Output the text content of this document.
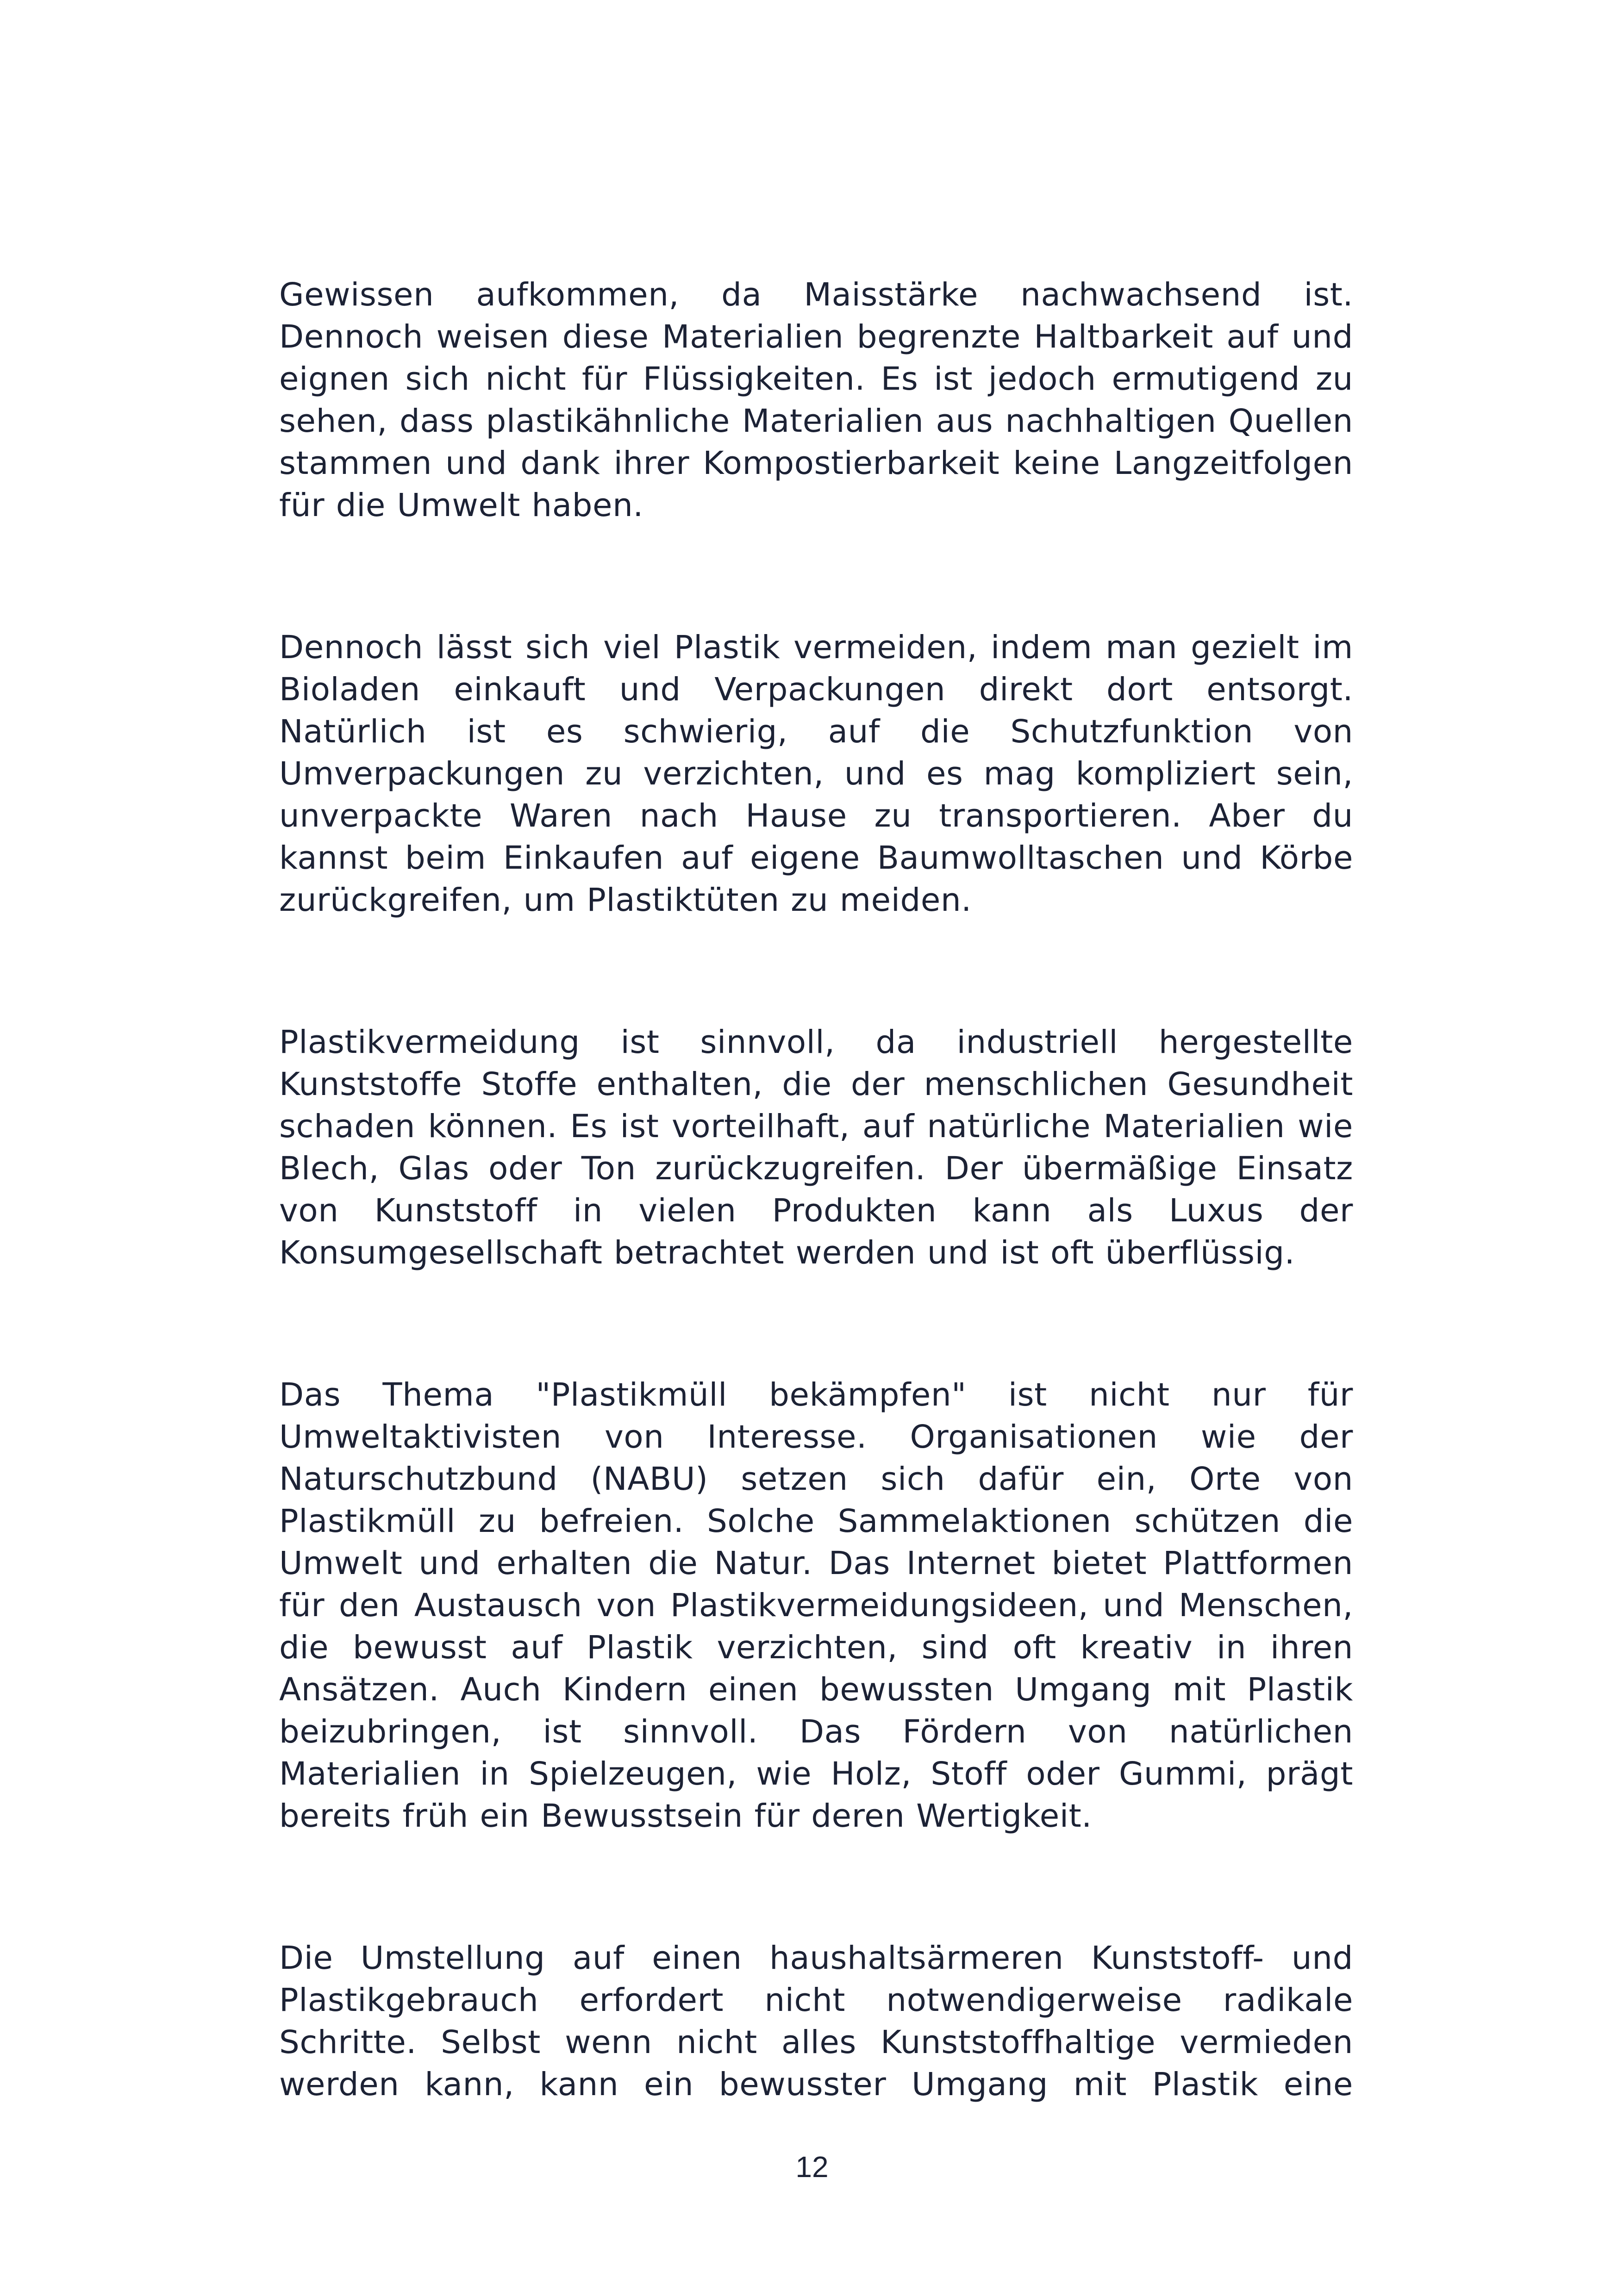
Gewissen aufkommen, da Maisstärke nachwachsend ist. Dennoch weisen diese Materialien begrenzte Haltbarkeit auf und eignen sich nicht für Flüssigkeiten. Es ist jedoch ermutigend zu sehen, dass plastikähnliche Materialien aus nachhaltigen Quellen stammen und dank ihrer Kompostierbarkeit keine Langzeitfolgen für die Umwelt haben.

Dennoch lässt sich viel Plastik vermeiden, indem man gezielt im Bioladen einkauft und Verpackungen direkt dort entsorgt. Natürlich ist es schwierig, auf die Schutzfunktion von Umverpackungen zu verzichten, und es mag kompliziert sein, unverpackte Waren nach Hause zu transportieren. Aber du kannst beim Einkaufen auf eigene Baumwolltaschen und Körbe zurückgreifen, um Plastiktüten zu meiden.

Plastikvermeidung ist sinnvoll, da industriell hergestellte Kunststoffe Stoffe enthalten, die der menschlichen Gesundheit schaden können. Es ist vorteilhaft, auf natürliche Materialien wie Blech, Glas oder Ton zurückzugreifen. Der übermäßige Einsatz von Kunststoff in vielen Produkten kann als Luxus der Konsumgesellschaft betrachtet werden und ist oft überflüssig.

Das Thema "Plastikmüll bekämpfen" ist nicht nur für Umweltaktivisten von Interesse. Organisationen wie der Naturschutzbund (NABU) setzen sich dafür ein, Orte von Plastikmüll zu befreien. Solche Sammelaktionen schützen die Umwelt und erhalten die Natur. Das Internet bietet Plattformen für den Austausch von Plastikvermeidungsideen, und Menschen, die bewusst auf Plastik verzichten, sind oft kreativ in ihren Ansätzen. Auch Kindern einen bewussten Umgang mit Plastik beizubringen, ist sinnvoll. Das Fördern von natürlichen Materialien in Spielzeugen, wie Holz, Stoff oder Gummi, prägt bereits früh ein Bewusstsein für deren Wertigkeit.

Die Umstellung auf einen haushaltsärmeren Kunststoff- und Plastikgebrauch erfordert nicht notwendigerweise radikale Schritte. Selbst wenn nicht alles Kunststoffhaltige vermieden werden kann, kann ein bewusster Umgang mit Plastik eine

12
